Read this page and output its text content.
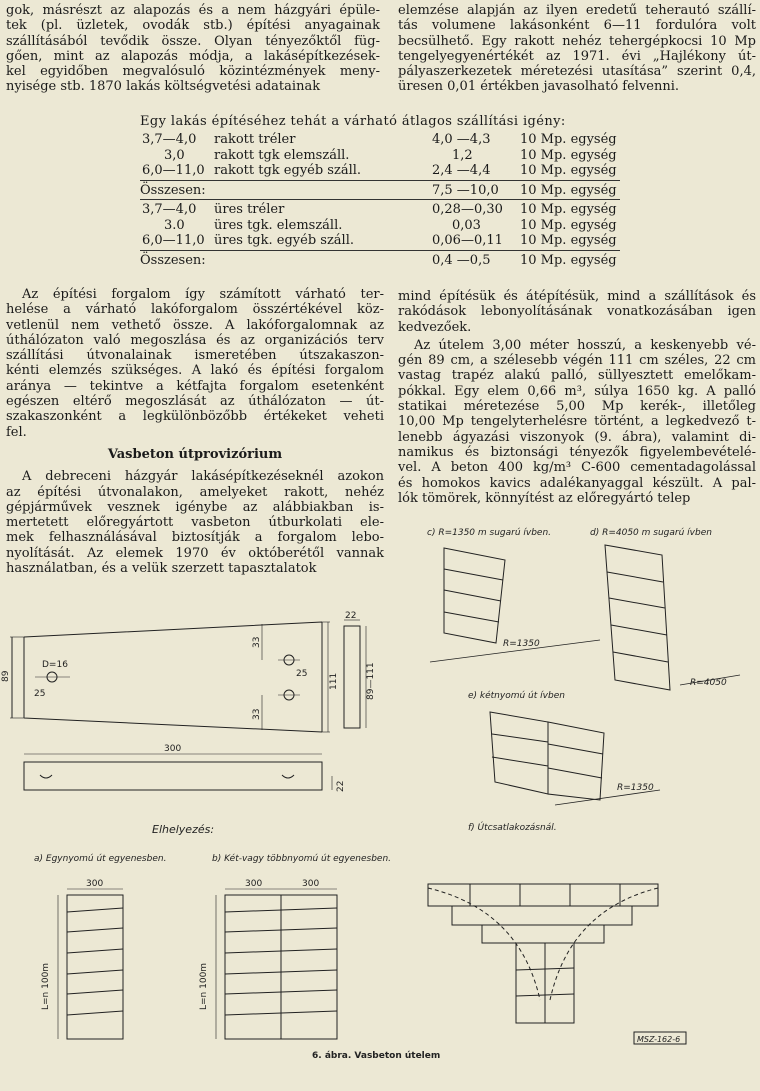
gok, másrészt az alapozás és a nem házgyári épüle-
tek (pl. üzletek, ovodák stb.) építési anyagainak
szállításából tevődik össze. Olyan tényezőktől füg-
gően, mint az alapozás módja, a lakásépítkezések-
kel egyidőben megvalósuló közintézmények meny-
nyisége stb. 1870 lakás költségvetési adatainak
elemzése alapján az ilyen eredetű teherautó szállí-
tás volumene lakásonként 6—11 fordulóra volt
becsülhető. Egy rakott nehéz tehergépkocsi 10 Mp
tengelyegyenértékét az 1971. évi „Hajlékony út-
pályaszerkezetek méretezési utasítása” szerint 0,4,
üresen 0,01 értékben javasolható felvenni.
Egy lakás építéséhez tehát a várható átlagos szállítási igény:
3,7—4,0 rakott tréler	4,0 —4,3 10 Mp. egység
3,0 rakott tgk elemszáll.	1,2	10 Mp. egység
6,0—11,0 rakott tgk egyéb száll.	2,4 —4,4 10 Mp. egység
Összesen:	7,5 —10,0 10 Mp. egység
3,7—4,0 üres tréler	0,28—0,30 10 Mp. egység
3.0 üres tgk. elemszáll.	0,03	10 Mp. egység
6,0—11,0 üres tgk. egyéb száll.	0,06—0,11 10 Mp. egység
Összesen:	0,4 —0,5 10 Mp. egység
Az építési forgalom így számított várható ter-
helése a várható lakóforgalom összértékével köz-
vetlenül nem vethető össze. A lakóforgalomnak az
úthálózaton való megoszlása és az organizációs terv
szállítási útvonalainak ismeretében útszakaszon-
kénti elemzés szükséges. A lakó és építési forgalom
aránya — tekintve a kétfajta forgalom esetenként
egészen eltérő megoszlását az úthálózaton — út-
szakaszonként a legkülönbözőbb értékeket veheti
fel.
Vasbeton útprovizórium
A debreceni házgyár lakásépítkezéseknél azokon
az építési útvonalakon, amelyeket rakott, nehéz
gépjárművek vesznek igénybe az alábbiakban is-
mertetett előregyártott vasbeton útburkolati ele-
mek felhasználásával biztosítják a forgalom lebo-
nyolítását. Az elemek 1970 év októberétől vannak
használatban, és a velük szerzett tapasztalatok
mind építésük és átépítésük, mind a szállítások és
rakódások lebonyolításának vonatkozásában igen
kedvezőek.
Az útelem 3,00 méter hosszú, a keskenyebb vé-
gén 89 cm, a szélesebb végén 111 cm széles, 22 cm
vastag trapéz alakú palló, süllyesztett emelőkam-
pókkal. Egy elem 0,66 m³, súlya 1650 kg. A palló
statikai méretezése 5,00 Mp kerék-, illetőleg
10,00 Mp tengelyterhelésre történt, a legkedvező t-
lenebb ágyazási viszonyok (9. ábra), valamint di-
namikus és biztonsági tényezők figyelembevételé-
vel. A beton 400 kg/m³ C-600 cementadagolással
és homokos kavics adalékanyaggal készült. A pal-
lók tömörek, könnyítést az előregyártó telep
c) R=1350 m sugarú ívben.	d) R=4050 m sugarú ívben
R=1350
R=4050
e) kétnyomú út ívben
R=1350
f) Útcsatlakozásnál.
Elhelyezés:
a) Egynyomú út egyenesben.	b) Két-vagy többnyomú út egyenesben.
22
300
89	111	89—111
25
25
33
33
D=16
22
300	300	300
L=n 100m	L=n 100m
MSZ-162-6
6. ábra. Vasbeton útelem
